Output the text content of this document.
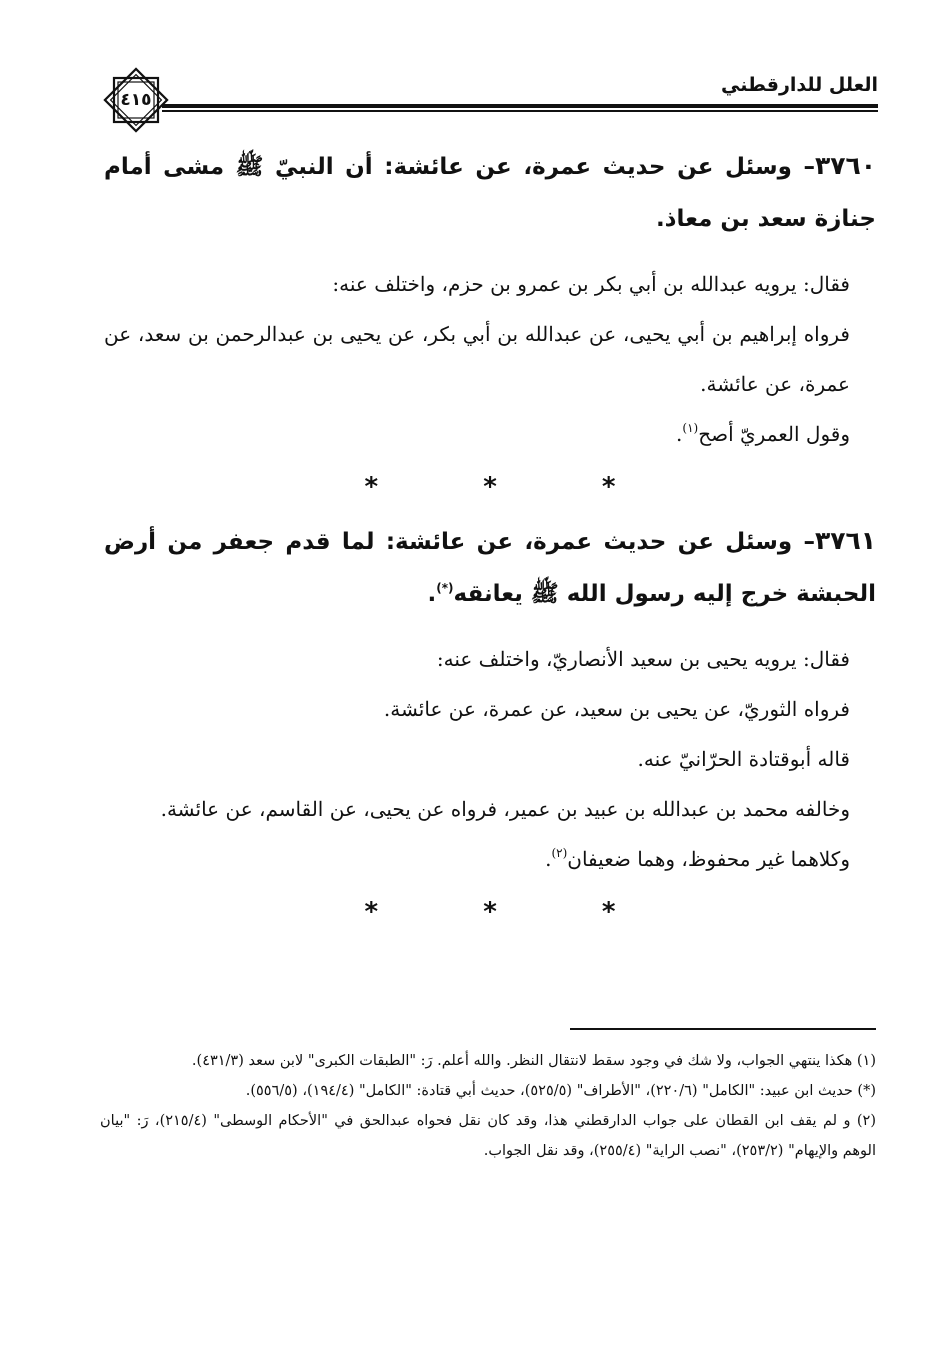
العلل للدارقطني
٤١٥

٣٧٦٠– وسئل عن حديث عمرة، عن عائشة: أن النبيّ ﷺ مشى أمام جنازة سعد بن معاذ.

فقال: يرويه عبدالله بن أبي بكر بن عمرو بن حزم، واختلف عنه:

فرواه إبراهيم بن أبي يحيى، عن عبدالله بن أبي بكر، عن يحيى بن عبدالرحمن بن سعد، عن عمرة، عن عائشة.

وقول العمريّ أصح$^{(١)}$.

* * *

٣٧٦١– وسئل عن حديث عمرة، عن عائشة: لما قدم جعفر من أرض الحبشة خرج إليه رسول الله ﷺ يعانقه(*).

فقال: يرويه يحيى بن سعيد الأنصاريّ، واختلف عنه:

فرواه الثوريّ، عن يحيى بن سعيد، عن عمرة، عن عائشة.

قاله أبوقتادة الحرّانيّ عنه.

وخالفه محمد بن عبدالله بن عبيد بن عمير، فرواه عن يحيى، عن القاسم، عن عائشة.

وكلاهما غير محفوظ، وهما ضعيفان$^{(٢)}$.

* * *

(١) هكذا ينتهي الجواب، ولا شك في وجود سقط لانتقال النظر. والله أعلم. رَ: "الطبقات الكبرى" لابن سعد (٤٣١/٣).

(*) حديث ابن عبيد: "الكامل" (٢٢٠/٦)، "الأطراف" (٥٢٥/٥)، حديث أبي قتادة: "الكامل" (١٩٤/٤)، (٥٥٦/٥).

(٢) و لم يقف ابن القطان على جواب الدارقطني هذا، وقد كان نقل فحواه عبدالحق في "الأحكام الوسطى" (٢١٥/٤)، رَ: "بيان الوهم والإيهام" (٢٥٣/٢)، "نصب الراية" (٢٥٥/٤)، وقد نقل الجواب.
